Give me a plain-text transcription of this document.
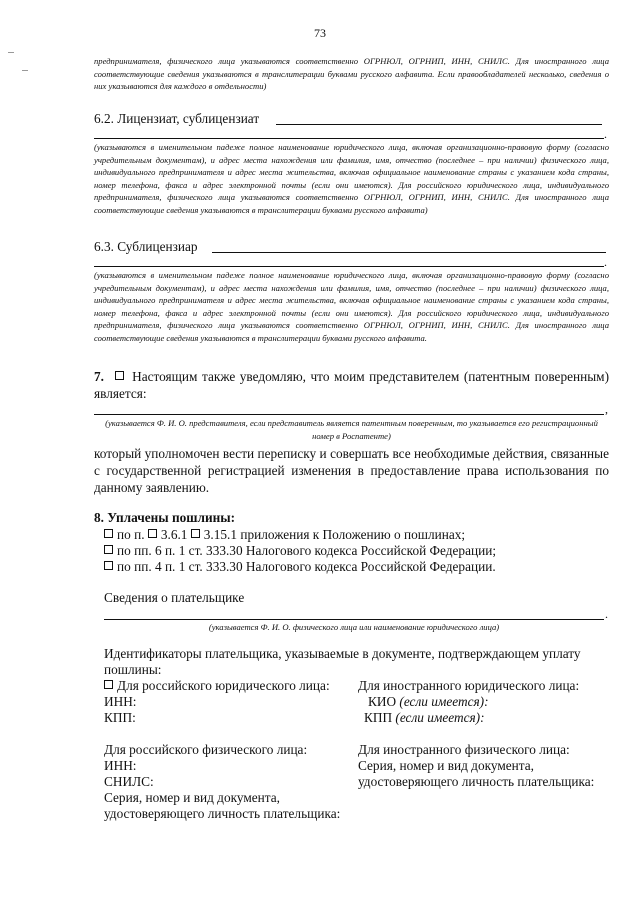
73
предпринимателя, физического лица указываются соответственно ОГРНЮЛ, ОГРНИП, ИНН, СНИЛС. Для иностранного лица соответствующие сведения указываются в транслитерации буквами русского алфавита. Если правообладателей несколько, сведения о них указываются для каждого в отдельности)
6.2. Лицензиат, сублицензиат
.
(указываются в именительном падеже полное наименование юридического лица, включая организационно-правовую форму (согласно учредительным документам), и адрес места нахождения или фамилия, имя, отчество (последнее – при наличии) физического лица, индивидуального предпринимателя и адрес места жительства, включая официальное наименование страны с указанием кода страны, номер телефона, факса и адрес электронной почты (если они имеются). Для российского юридического лица, индивидуального предпринимателя, физического лица указываются соответственно ОГРНЮЛ, ОГРНИП, ИНН, СНИЛС. Для иностранного лица соответствующие сведения указываются в транслитерации буквами русского алфавита)
6.3. Сублицензиар
.
(указываются в именительном падеже полное наименование юридического лица, включая организационно-правовую форму (согласно учредительным документам), и адрес места нахождения или фамилия, имя, отчество (последнее – при наличии) физического лица, индивидуального предпринимателя и адрес места жительства, включая официальное наименование страны с указанием кода страны, номер телефона, факса и адрес электронной почты (если они имеются). Для российского юридического лица, индивидуального предпринимателя, физического лица указываются соответственно ОГРНЮЛ, ОГРНИП, ИНН, СНИЛС. Для иностранного лица соответствующие сведения указываются в транслитерации буквами русского алфавита.
7. Настоящим также уведомляю, что моим представителем (патентным поверенным) является:
,
(указывается Ф. И. О. представителя, если представитель является патентным поверенным, то указывается его регистрационный номер в Роспатенте)
который уполномочен вести переписку и совершать все необходимые действия, связанные с государственной регистрацией изменения в предоставление права использования по данному заявлению.
8. Уплачены пошлины:
по п. 3.6.1 3.15.1 приложения к Положению о пошлинах;
по пп. 6 п. 1 ст. 333.30 Налогового кодекса Российской Федерации;
по пп. 4 п. 1 ст. 333.30 Налогового кодекса Российской Федерации.
Сведения о плательщике
.
(указывается Ф. И. О. физического лица или наименование юридического лица)
Идентификаторы плательщика, указываемые в документе, подтверждающем уплату
пошлины:
Для российского юридического лица:
ИНН:
КПП:
Для иностранного юридического лица:
КИО (если имеется):
КПП (если имеется):
Для российского физического лица:
ИНН:
СНИЛС:
Серия, номер и вид документа,
удостоверяющего личность плательщика:
Для иностранного физического лица:
Серия, номер и вид документа,
удостоверяющего личность плательщика:
